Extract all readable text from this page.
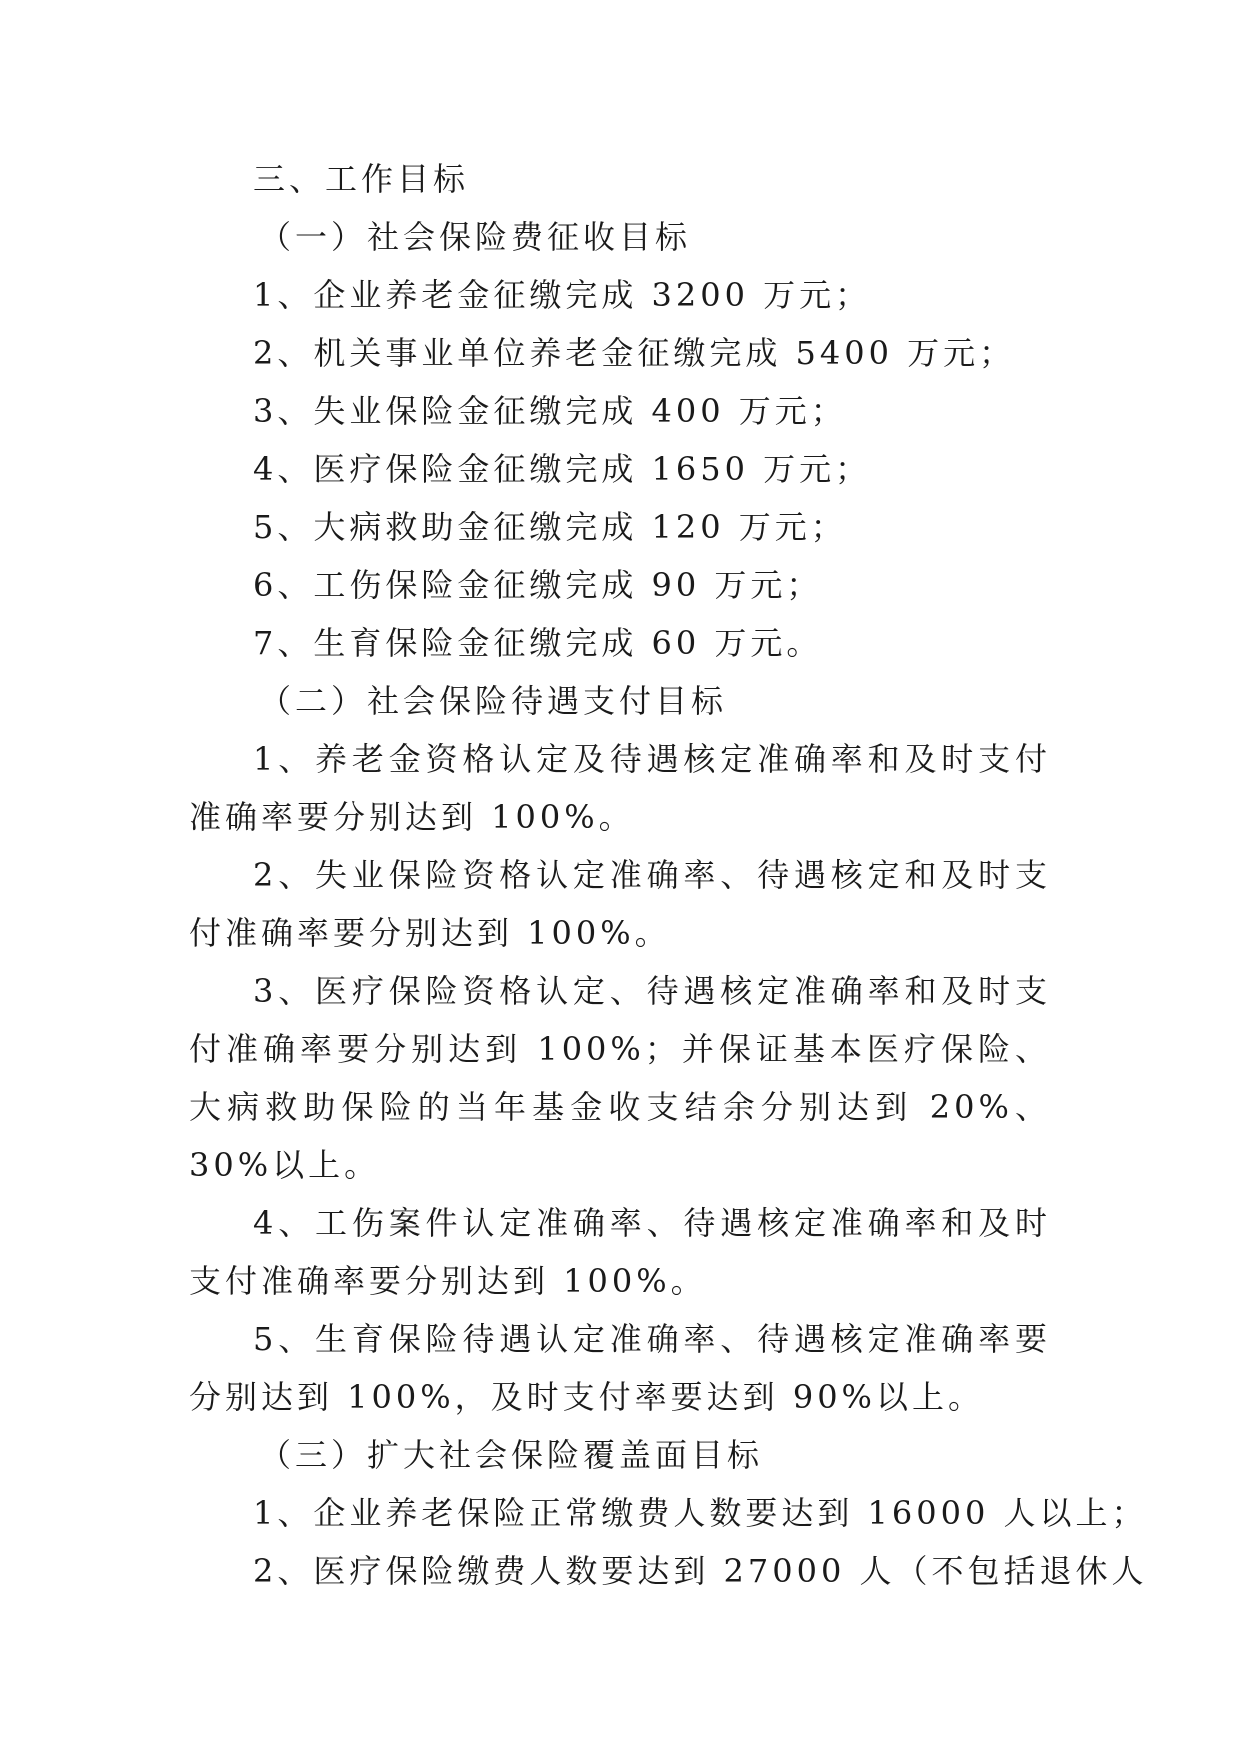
三、工作目标
（一）社会保险费征收目标
1、企业养老金征缴完成 3200 万元；
2、机关事业单位养老金征缴完成 5400 万元；
3、失业保险金征缴完成 400 万元；
4、医疗保险金征缴完成 1650 万元；
5、大病救助金征缴完成 120 万元；
6、工伤保险金征缴完成 90 万元；
7、生育保险金征缴完成 60 万元。
（二）社会保险待遇支付目标
1、养老金资格认定及待遇核定准确率和及时支付准确率要分别达到 100%。
2、失业保险资格认定准确率、待遇核定和及时支付准确率要分别达到 100%。
3、医疗保险资格认定、待遇核定准确率和及时支付准确率要分别达到 100%；并保证基本医疗保险、大病救助保险的当年基金收支结余分别达到 20%、30%以上。
4、工伤案件认定准确率、待遇核定准确率和及时支付准确率要分别达到 100%。
5、生育保险待遇认定准确率、待遇核定准确率要分别达到 100%，及时支付率要达到 90%以上。
（三）扩大社会保险覆盖面目标
1、企业养老保险正常缴费人数要达到 16000 人以上；
2、医疗保险缴费人数要达到 27000 人（不包括退休人
